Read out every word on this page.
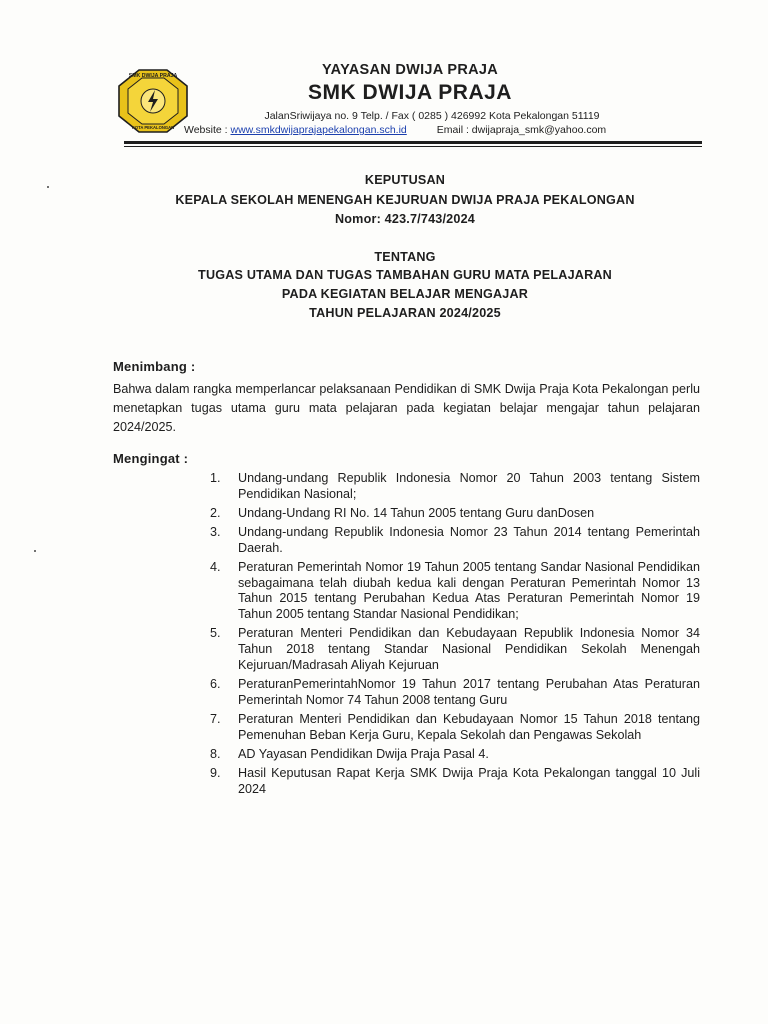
SMK DWIJA PRAJA
KOTA PEKALONGAN
YAYASAN DWIJA PRAJA
SMK DWIJA PRAJA
JalanSriwijaya no. 9 Telp. / Fax ( 0285 ) 426992 Kota Pekalongan 51119
Website : www.smkdwijaprajapekalongan.sch.id	Email : dwijapraja_smk@yahoo.com
KEPUTUSAN
KEPALA SEKOLAH MENENGAH KEJURUAN DWIJA PRAJA PEKALONGAN
Nomor: 423.7/743/2024
TENTANG
TUGAS UTAMA DAN TUGAS TAMBAHAN GURU MATA PELAJARAN
PADA KEGIATAN BELAJAR MENGAJAR
TAHUN PELAJARAN 2024/2025
Menimbang :
Bahwa dalam rangka memperlancar pelaksanaan Pendidikan di SMK Dwija Praja Kota Pekalongan perlu menetapkan tugas utama guru mata pelajaran pada kegiatan belajar mengajar tahun pelajaran 2024/2025.
Mengingat :
1.	Undang-undang Republik Indonesia Nomor 20 Tahun 2003 tentang Sistem Pendidikan Nasional;
2.	Undang-Undang RI No. 14 Tahun 2005 tentang Guru danDosen
3.	Undang-undang Republik Indonesia Nomor 23 Tahun 2014 tentang Pemerintah Daerah.
4.	Peraturan Pemerintah Nomor 19 Tahun 2005 tentang Sandar Nasional Pendidikan sebagaimana telah diubah kedua kali dengan Peraturan Pemerintah Nomor 13 Tahun 2015 tentang Perubahan Kedua Atas Peraturan Pemerintah Nomor 19 Tahun 2005 tentang Standar Nasional Pendidikan;
5.	Peraturan Menteri Pendidikan dan Kebudayaan Republik Indonesia Nomor 34 Tahun 2018 tentang Standar Nasional Pendidikan Sekolah Menengah Kejuruan/Madrasah Aliyah Kejuruan
6.	PeraturanPemerintahNomor 19 Tahun 2017 tentang Perubahan Atas Peraturan Pemerintah Nomor 74 Tahun 2008 tentang Guru
7.	Peraturan Menteri Pendidikan dan Kebudayaan Nomor 15 Tahun 2018 tentang Pemenuhan Beban Kerja Guru, Kepala Sekolah dan Pengawas Sekolah
8.	AD Yayasan Pendidikan Dwija Praja Pasal 4.
9.	Hasil Keputusan Rapat Kerja SMK Dwija Praja Kota Pekalongan tanggal 10 Juli 2024
